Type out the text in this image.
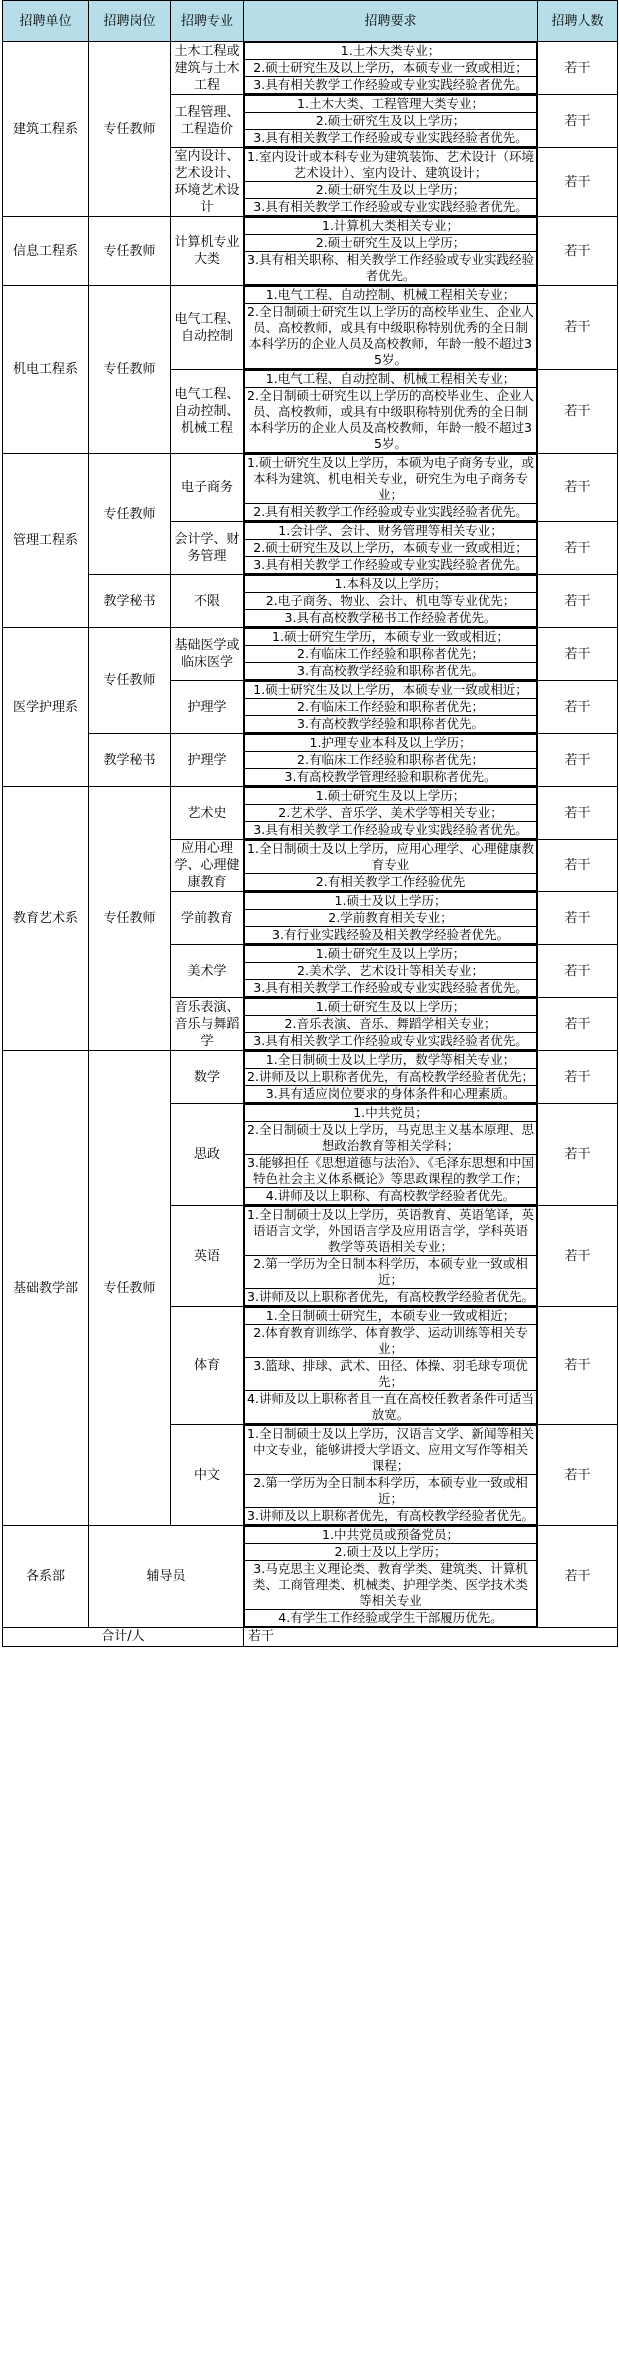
招聘单位	招聘岗位	招聘专业	招聘要求	招聘人数
建筑工程系	专任教师	土木工程或建筑与土木工程	1.土木大类专业；
2.硕士研究生及以上学历，本硕专业一致或相近；
3.具有相关教学工作经验或专业实践经验者优先。	若干
		工程管理、工程造价	1.土木大类、工程管理大类专业；
2.硕士研究生及以上学历；
3.具有相关教学工作经验或专业实践经验者优先。	若干
		室内设计、艺术设计、环境艺术设计	1.室内设计或本科专业为建筑装饰、艺术设计（环境艺术设计）、室内设计、建筑设计；
2.硕士研究生及以上学历；
3.具有相关教学工作经验或专业实践经验者优先。	若干
信息工程系	专任教师	计算机专业大类	1.计算机大类相关专业；
2.硕士研究生及以上学历；
3.具有相关职称、相关教学工作经验或专业实践经验者优先。	若干
机电工程系	专任教师	电气工程、自动控制	1.电气工程、自动控制、机械工程相关专业；
2.全日制硕士研究生以上学历的高校毕业生、企业人员、高校教师，或具有中级职称特别优秀的全日制本科学历的企业人员及高校教师，年龄一般不超过35岁。	若干
		电气工程、自动控制、机械工程	1.电气工程、自动控制、机械工程相关专业；
2.全日制硕士研究生以上学历的高校毕业生、企业人员、高校教师，或具有中级职称特别优秀的全日制本科学历的企业人员及高校教师，年龄一般不超过35岁。	若干
管理工程系	专任教师	电子商务	1.硕士研究生及以上学历，本硕为电子商务专业，或本科为建筑、机电相关专业，研究生为电子商务专业；
2.具有相关教学工作经验或专业实践经验者优先。	若干
		会计学、财务管理	1.会计学、会计、财务管理等相关专业；
2.硕士研究生及以上学历，本硕专业一致或相近；
3.具有相关教学工作经验或专业实践经验者优先。	若干
	教学秘书	不限	1.本科及以上学历；
2.电子商务、物业、会计、机电等专业优先；
3.具有高校教学秘书工作经验者优先。	若干
医学护理系	专任教师	基础医学或临床医学	1.硕士研究生学历，本硕专业一致或相近；
2.有临床工作经验和职称者优先；
3.有高校教学经验和职称者优先。	若干
		护理学	1.硕士研究生及以上学历，本硕专业一致或相近；
2.有临床工作经验和职称者优先；
3.有高校教学经验和职称者优先。	若干
	教学秘书	护理学	1.护理专业本科及以上学历；
2.有临床工作经验和职称者优先；
3.有高校教学管理经验和职称者优先。	若干
教育艺术系	专任教师	艺术史	1.硕士研究生及以上学历；
2.艺术学、音乐学、美术学等相关专业；
3.具有相关教学工作经验或专业实践经验者优先。	若干
		应用心理学、心理健康教育	1.全日制硕士及以上学历，应用心理学、心理健康教育专业
2.有相关教学工作经验优先	若干
		学前教育	1.硕士及以上学历；
2.学前教育相关专业；
3.有行业实践经验及相关教学经验者优先。	若干
		美术学	1.硕士研究生及以上学历；
2.美术学、艺术设计等相关专业；
3.具有相关教学工作经验或专业实践经验者优先。	若干
		音乐表演、音乐与舞蹈学	1.硕士研究生及以上学历；
2.音乐表演、音乐、舞蹈学相关专业；
3.具有相关教学工作经验或专业实践经验者优先。	若干
基础教学部	专任教师	数学	1.全日制硕士及以上学历，数学等相关专业；
2.讲师及以上职称者优先，有高校教学经验者优先；
3.具有适应岗位要求的身体条件和心理素质。	若干
		思政	1.中共党员；
2.全日制硕士及以上学历，马克思主义基本原理、思想政治教育等相关学科；
3.能够担任《思想道德与法治》、《毛泽东思想和中国特色社会主义体系概论》等思政课程的教学工作；
4.讲师及以上职称、有高校教学经验者优先。	若干
		英语	1.全日制硕士及以上学历，英语教育、英语笔译，英语语言文学，外国语言学及应用语言学，学科英语教学等英语相关专业；
2.第一学历为全日制本科学历，本硕专业一致或相近；
3.讲师及以上职称者优先，有高校教学经验者优先。	若干
		体育	1.全日制硕士研究生，本硕专业一致或相近；
2.体育教育训练学、体育教学、运动训练等相关专业；
3.篮球、排球、武术、田径、体操、羽毛球专项优先；
4.讲师及以上职称者且一直在高校任教者条件可适当放宽。	若干
		中文	1.全日制硕士及以上学历，汉语言文学、新闻等相关中文专业，能够讲授大学语文、应用文写作等相关课程；
2.第一学历为全日制本科学历，本硕专业一致或相近；
3.讲师及以上职称者优先，有高校教学经验者优先。	若干
各系部	辅导员		1.中共党员或预备党员；
2.硕士及以上学历；
3.马克思主义理论类、教育学类、建筑类、计算机类、工商管理类、机械类、护理学类、医学技术类等相关专业
4.有学生工作经验或学生干部履历优先。	若干
合计/人			若干	
